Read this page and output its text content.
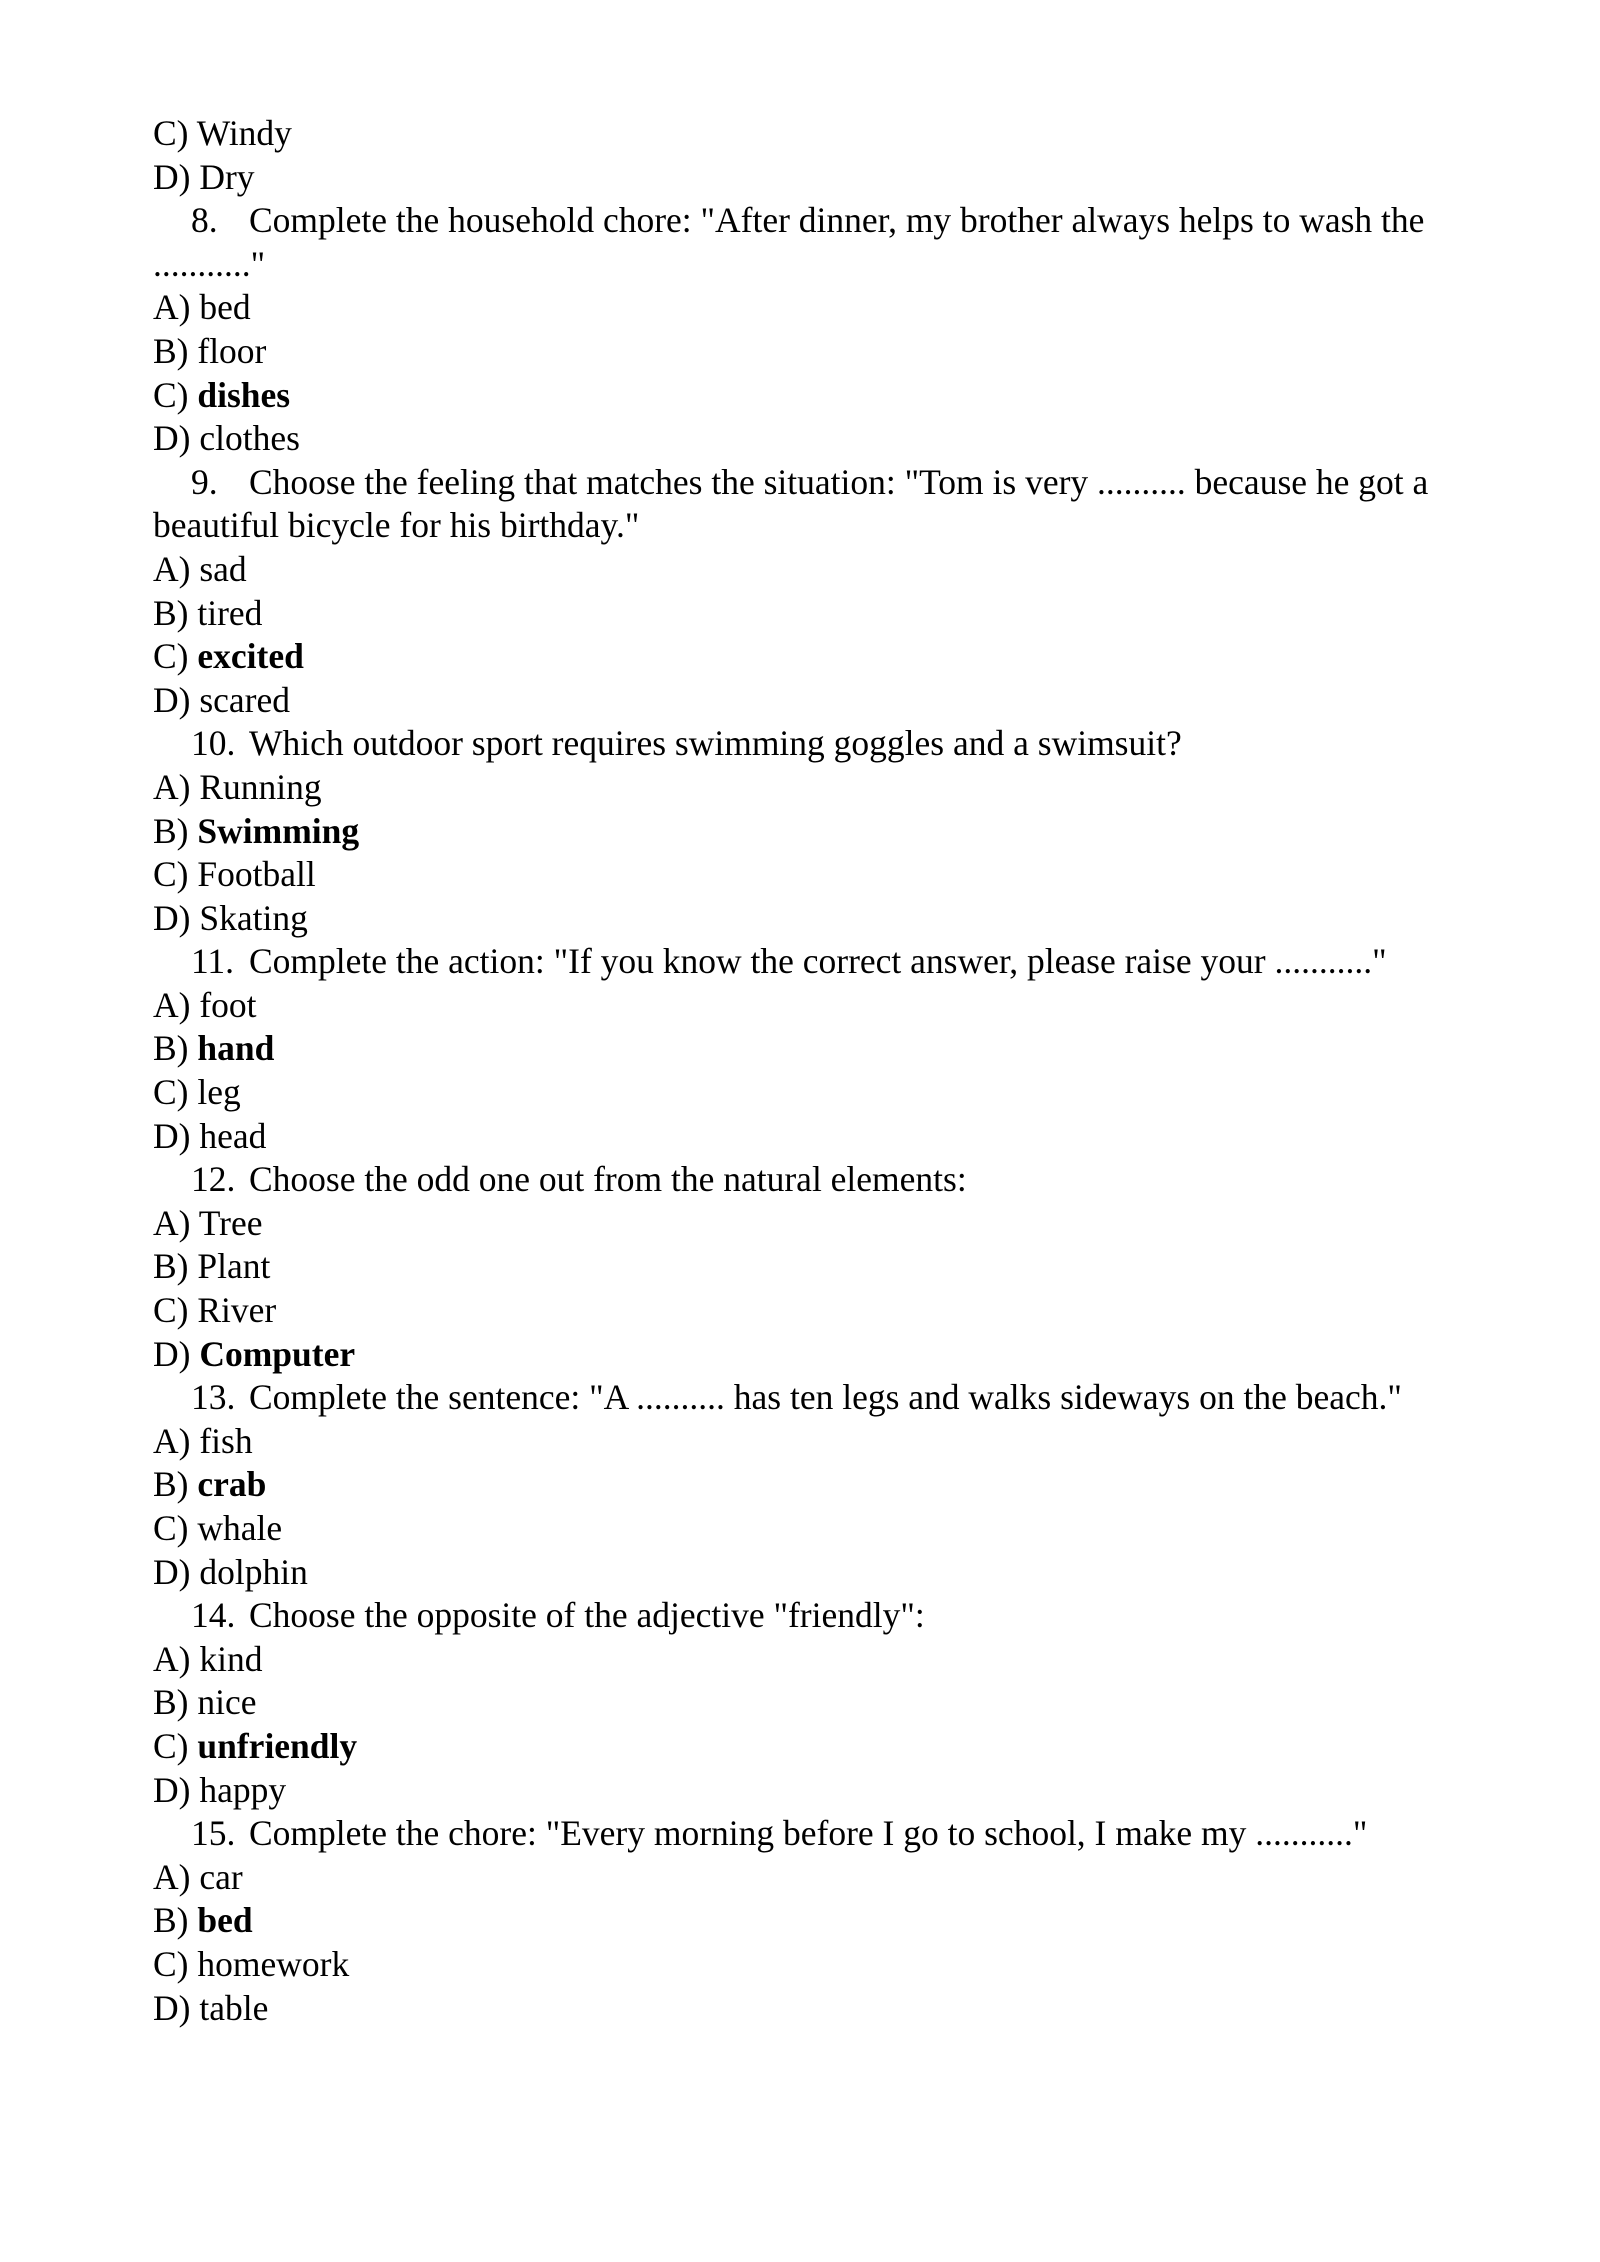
C) Windy
D) Dry
8. Complete the household chore: "After dinner, my brother always helps to wash the ..........."
A) bed
B) floor
C) dishes
D) clothes
9. Choose the feeling that matches the situation: "Tom is very .......... because he got a beautiful bicycle for his birthday."
A) sad
B) tired
C) excited
D) scared
10. Which outdoor sport requires swimming goggles and a swimsuit?
A) Running
B) Swimming
C) Football
D) Skating
11. Complete the action: "If you know the correct answer, please raise your ..........."
A) foot
B) hand
C) leg
D) head
12. Choose the odd one out from the natural elements:
A) Tree
B) Plant
C) River
D) Computer
13. Complete the sentence: "A .......... has ten legs and walks sideways on the beach."
A) fish
B) crab
C) whale
D) dolphin
14. Choose the opposite of the adjective "friendly":
A) kind
B) nice
C) unfriendly
D) happy
15. Complete the chore: "Every morning before I go to school, I make my ..........."
A) car
B) bed
C) homework
D) table
